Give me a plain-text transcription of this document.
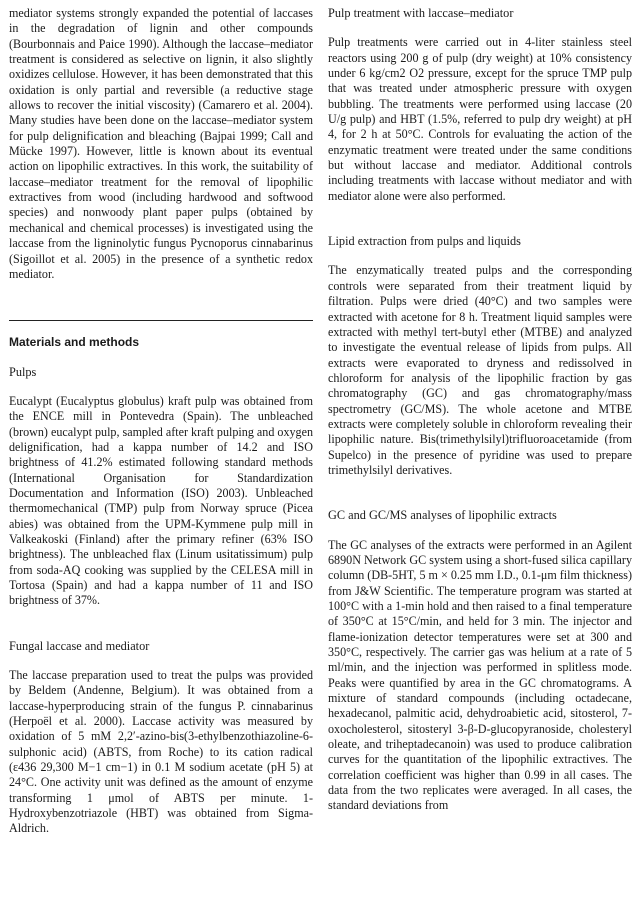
mediator systems strongly expanded the potential of laccases in the degradation of lignin and other compounds (Bourbonnais and Paice 1990). Although the laccase–mediator treatment is considered as selective on lignin, it also slightly oxidizes cellulose. However, it has been demonstrated that this oxidation is only partial and reversible (a reductive stage allows to recover the initial viscosity) (Camarero et al. 2004). Many studies have been done on the laccase–mediator system for pulp delignification and bleaching (Bajpai 1999; Call and Mücke 1997). However, little is known about its eventual action on lipophilic extractives. In this work, the suitability of laccase–mediator treatment for the removal of lipophilic extractives from wood (including hardwood and softwood species) and nonwoody plant paper pulps (obtained by mechanical and chemical processes) is investigated using the laccase from the ligninolytic fungus Pycnoporus cinnabarinus (Sigoillot et al. 2005) in the presence of a synthetic redox mediator.

Materials and methods

Pulps

Eucalypt (Eucalyptus globulus) kraft pulp was obtained from the ENCE mill in Pontevedra (Spain). The unbleached (brown) eucalypt pulp, sampled after kraft pulping and oxygen delignification, had a kappa number of 14.2 and ISO brightness of 41.2% estimated following standard methods (International Organisation for Standardization Documentation and Information (ISO) 2003). Unbleached thermomechanical (TMP) pulp from Norway spruce (Picea abies) was obtained from the UPM-Kymmene pulp mill in Valkeakoski (Finland) after the primary refiner (63% ISO brightness). The unbleached flax (Linum usitatissimum) pulp from soda-AQ cooking was supplied by the CELESA mill in Tortosa (Spain) and had a kappa number of 11 and ISO brightness of 37%.

Fungal laccase and mediator

The laccase preparation used to treat the pulps was provided by Beldem (Andenne, Belgium). It was obtained from a laccase-hyperproducing strain of the fungus P. cinnabarinus (Herpoël et al. 2000). Laccase activity was measured by oxidation of 5 mM 2,2′-azino-bis(3-ethylbenzothiazoline-6-sulphonic acid) (ABTS, from Roche) to its cation radical (ε436 29,300 M−1 cm−1) in 0.1 M sodium acetate (pH 5) at 24°C. One activity unit was defined as the amount of enzyme transforming 1 μmol of ABTS per minute. 1-Hydroxybenzotriazole (HBT) was obtained from Sigma-Aldrich.

Pulp treatment with laccase–mediator

Pulp treatments were carried out in 4-liter stainless steel reactors using 200 g of pulp (dry weight) at 10% consistency under 6 kg/cm2 O2 pressure, except for the spruce TMP pulp that was treated under atmospheric pressure with oxygen bubbling. The treatments were performed using laccase (20 U/g pulp) and HBT (1.5%, referred to pulp dry weight) at pH 4, for 2 h at 50°C. Controls for evaluating the action of the enzymatic treatment were treated under the same conditions but without laccase and mediator. Additional controls including treatments with laccase without mediator and with mediator alone were also performed.

Lipid extraction from pulps and liquids

The enzymatically treated pulps and the corresponding controls were separated from their treatment liquid by filtration. Pulps were dried (40°C) and two samples were extracted with acetone for 8 h. Treatment liquid samples were extracted with methyl tert-butyl ether (MTBE) and analyzed to investigate the eventual release of lipids from pulps. All extracts were evaporated to dryness and redissolved in chloroform for analysis of the lipophilic fraction by gas chromatography (GC) and gas chromatography/mass spectrometry (GC/MS). The whole acetone and MTBE extracts were completely soluble in chloroform revealing their lipophilic nature. Bis(trimethylsilyl)trifluoroacetamide (from Supelco) in the presence of pyridine was used to prepare trimethylsilyl derivatives.

GC and GC/MS analyses of lipophilic extracts

The GC analyses of the extracts were performed in an Agilent 6890N Network GC system using a short-fused silica capillary column (DB-5HT, 5 m × 0.25 mm I.D., 0.1-μm film thickness) from J&W Scientific. The temperature program was started at 100°C with a 1-min hold and then raised to a final temperature of 350°C at 15°C/min, and held for 3 min. The injector and flame-ionization detector temperatures were set at 300 and 350°C, respectively. The carrier gas was helium at a rate of 5 ml/min, and the injection was performed in splitless mode. Peaks were quantified by area in the GC chromatograms. A mixture of standard compounds (including octadecane, hexadecanol, palmitic acid, dehydroabietic acid, sitosterol, 7-oxocholesterol, sitosteryl 3-β-D-glucopyranoside, cholesteryl oleate, and triheptadecanoin) was used to produce calibration curves for the quantitation of the lipophilic extractives. The correlation coefficient was higher than 0.99 in all cases. The data from the two replicates were averaged. In all cases, the standard deviations from
